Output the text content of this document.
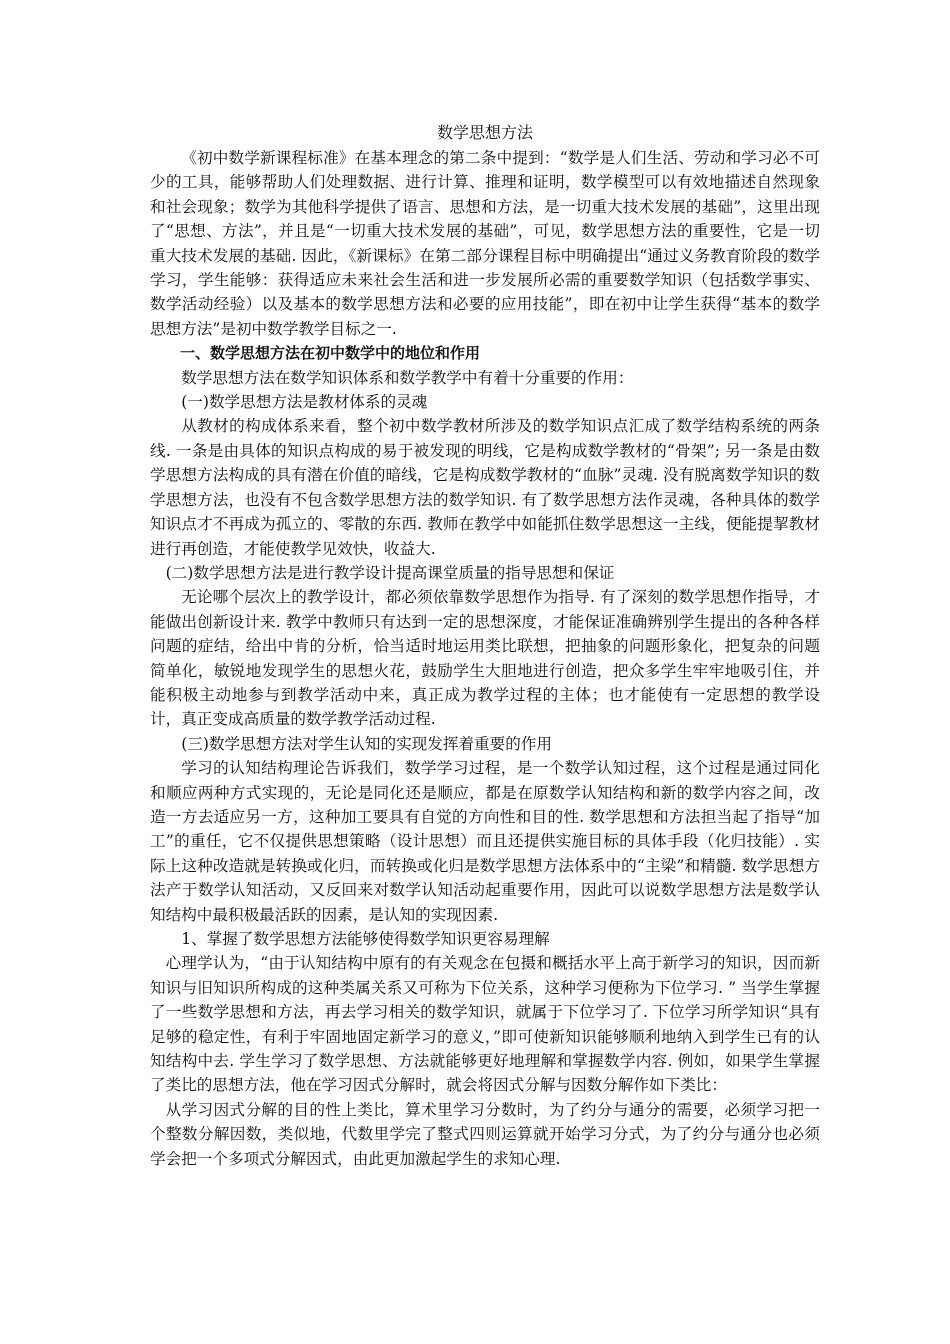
数学思想方法

《初中数学新课程标准》在基本理念的第二条中提到：“数学是人们生活、劳动和学习必不可少的工具，能够帮助人们处理数据、进行计算、推理和证明，数学模型可以有效地描述自然现象和社会现象；数学为其他科学提供了语言、思想和方法，是一切重大技术发展的基础”，这里出现了“思想、方法”，并且是“一切重大技术发展的基础”，可见，数学思想方法的重要性，它是一切重大技术发展的基础. 因此，《新课标》在第二部分课程目标中明确提出“通过义务教育阶段的数学学习，学生能够：获得适应未来社会生活和进一步发展所必需的重要数学知识（包括数学事实、数学活动经验）以及基本的数学思想方法和必要的应用技能”，即在初中让学生获得“基本的数学思想方法”是初中数学教学目标之一.

一、数学思想方法在初中数学中的地位和作用

数学思想方法在数学知识体系和数学教学中有着十分重要的作用：

(一)数学思想方法是教材体系的灵魂

从教材的构成体系来看，整个初中数学教材所涉及的数学知识点汇成了数学结构系统的两条线. 一条是由具体的知识点构成的易于被发现的明线，它是构成数学教材的“骨架”; 另一条是由数学思想方法构成的具有潜在价值的暗线，它是构成数学教材的“血脉”灵魂. 没有脱离数学知识的数学思想方法，也没有不包含数学思想方法的数学知识. 有了数学思想方法作灵魂，各种具体的数学知识点才不再成为孤立的、零散的东西. 教师在教学中如能抓住数学思想这一主线，便能提挈教材进行再创造，才能使教学见效快，收益大.

(二)数学思想方法是进行教学设计提高课堂质量的指导思想和保证

无论哪个层次上的教学设计，都必须依靠数学思想作为指导. 有了深刻的数学思想作指导，才能做出创新设计来. 教学中教师只有达到一定的思想深度，才能保证准确辨别学生提出的各种各样问题的症结，给出中肯的分析，恰当适时地运用类比联想，把抽象的问题形象化，把复杂的问题简单化，敏锐地发现学生的思想火花，鼓励学生大胆地进行创造，把众多学生牢牢地吸引住，并能积极主动地参与到教学活动中来，真正成为教学过程的主体；也才能使有一定思想的教学设计，真正变成高质量的数学教学活动过程.

(三)数学思想方法对学生认知的实现发挥着重要的作用

学习的认知结构理论告诉我们，数学学习过程，是一个数学认知过程，这个过程是通过同化和顺应两种方式实现的，无论是同化还是顺应，都是在原数学认知结构和新的数学内容之间，改造一方去适应另一方，这种加工要具有自觉的方向性和目的性. 数学思想和方法担当起了指导“加工”的重任，它不仅提供思想策略（设计思想）而且还提供实施目标的具体手段（化归技能）. 实际上这种改造就是转换或化归，而转换或化归是数学思想方法体系中的“主梁”和精髓. 数学思想方法产于数学认知活动，又反回来对数学认知活动起重要作用，因此可以说数学思想方法是数学认知结构中最积极最活跃的因素，是认知的实现因素.

1、掌握了数学思想方法能够使得数学知识更容易理解

心理学认为，“由于认知结构中原有的有关观念在包摄和概括水平上高于新学习的知识，因而新知识与旧知识所构成的这种类属关系又可称为下位关系，这种学习便称为下位学习. ” 当学生掌握了一些数学思想和方法，再去学习相关的数学知识，就属于下位学习了. 下位学习所学知识“具有足够的稳定性，有利于牢固地固定新学习的意义，”即可使新知识能够顺利地纳入到学生已有的认知结构中去. 学生学习了数学思想、方法就能够更好地理解和掌握数学内容. 例如，如果学生掌握了类比的思想方法，他在学习因式分解时，就会将因式分解与因数分解作如下类比：

从学习因式分解的目的性上类比，算术里学习分数时，为了约分与通分的需要，必须学习把一个整数分解因数，类似地，代数里学完了整式四则运算就开始学习分式，为了约分与通分也必须学会把一个多项式分解因式，由此更加激起学生的求知心理.
